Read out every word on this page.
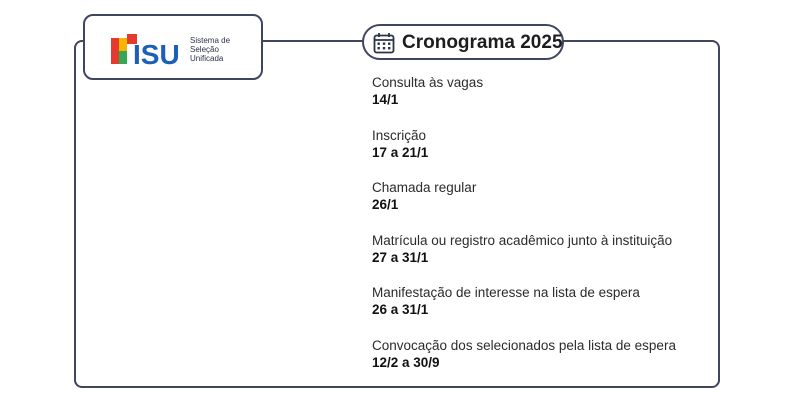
ISU Sistema de
Seleção
Unificada
Cronograma 2025
Consulta às vagas
14/1
Inscrição
17 a 21/1
Chamada regular
26/1
Matrícula ou registro acadêmico junto à instituição
27 a 31/1
Manifestação de interesse na lista de espera
26 a 31/1
Convocação dos selecionados pela lista de espera
12/2 a 30/9
